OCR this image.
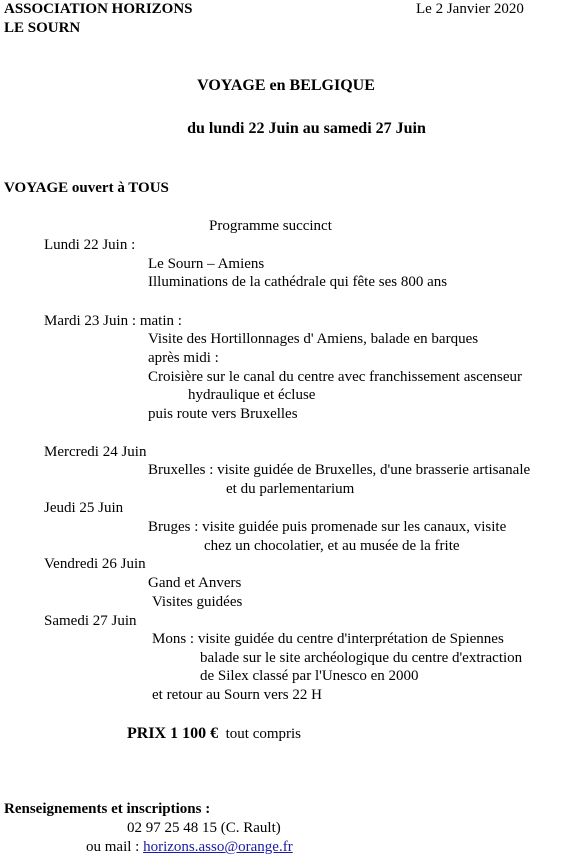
ASSOCIATION HORIZONS
LE SOURN
Le 2 Janvier 2020
VOYAGE en BELGIQUE
du lundi 22 Juin au samedi 27 Juin
VOYAGE ouvert à TOUS
Programme succinct
Lundi 22 Juin :
Le Sourn – Amiens
Illuminations de la cathédrale qui fête ses 800 ans
Mardi 23 Juin : matin :
Visite des Hortillonnages d' Amiens, balade en barques
après midi :
Croisière sur le canal du centre avec franchissement ascenseur
hydraulique et écluse
puis route vers Bruxelles
Mercredi 24 Juin
Bruxelles : visite guidée de Bruxelles, d'une brasserie artisanale
et du parlementarium
Jeudi 25 Juin
Bruges : visite guidée puis promenade sur les canaux, visite
chez un chocolatier, et au musée de la frite
Vendredi 26 Juin
Gand et Anvers
Visites guidées
Samedi 27 Juin
Mons : visite guidée du centre d'interprétation de Spiennes
balade sur le site archéologique du centre d'extraction
de Silex classé par l'Unesco en 2000
et retour au Sourn vers 22 H
PRIX 1 100 € tout compris
Renseignements et inscriptions :
02 97 25 48 15 (C. Rault)
ou mail : horizons.asso@orange.fr
